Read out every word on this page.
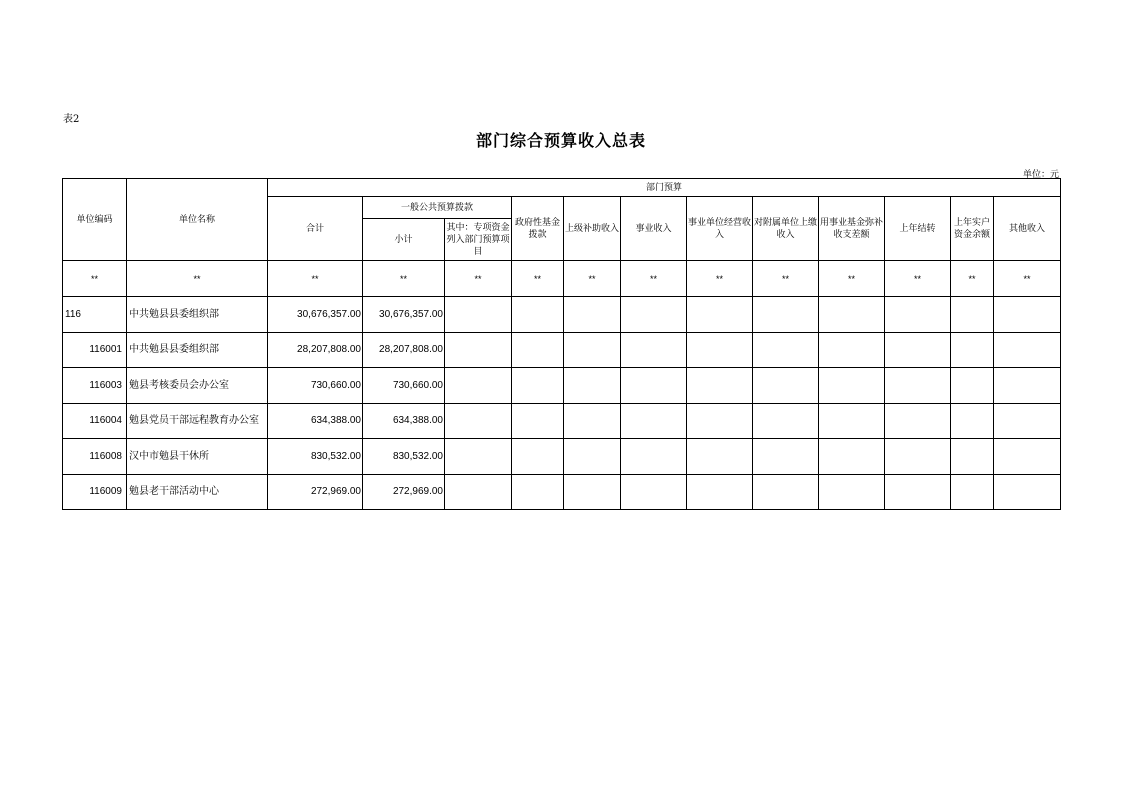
表2
部门综合预算收入总表
单位：元
单位编码	单位名称	部门预算											
		合计	一般公共预算拨款		政府性基金拨款	上级补助收入	事业收入	事业单位经营收入	对附属单位上缴收入	用事业基金弥补收支差额	上年结转	上年实户资金余额	其他收入
			小计	其中：专项资金列入部门预算项目									
**	**	**	**	**	**	**	**	**	**	**	**	**	**
116	中共勉县县委组织部	30,676,357.00	30,676,357.00										
116001	中共勉县县委组织部	28,207,808.00	28,207,808.00										
116003	勉县考核委员会办公室	730,660.00	730,660.00										
116004	勉县党员干部远程教育办公室	634,388.00	634,388.00										
116008	汉中市勉县干休所	830,532.00	830,532.00										
116009	勉县老干部活动中心	272,969.00	272,969.00										
